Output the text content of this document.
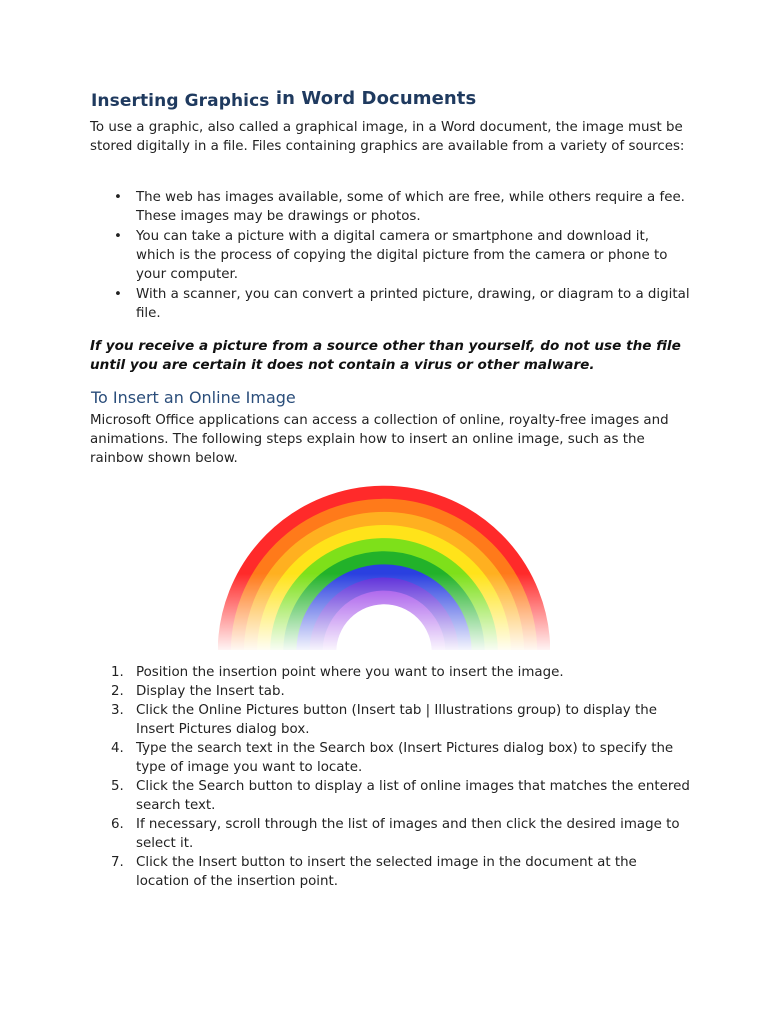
Inserting Graphics in Word Documents

To use a graphic, also called a graphical image, in a Word document, the image must be stored digitally in a file. Files containing graphics are available from a variety of sources:

• The web has images available, some of which are free, while others require a fee. These images may be drawings or photos.
• You can take a picture with a digital camera or smartphone and download it, which is the process of copying the digital picture from the camera or phone to your computer.
• With a scanner, you can convert a printed picture, drawing, or diagram to a digital file.

If you receive a picture from a source other than yourself, do not use the file until you are certain it does not contain a virus or other malware.

To Insert an Online Image

Microsoft Office applications can access a collection of online, royalty-free images and animations. The following steps explain how to insert an online image, such as the rainbow shown below.

1. Position the insertion point where you want to insert the image.
2. Display the Insert tab.
3. Click the Online Pictures button (Insert tab | Illustrations group) to display the Insert Pictures dialog box.
4. Type the search text in the Search box (Insert Pictures dialog box) to specify the type of image you want to locate.
5. Click the Search button to display a list of online images that matches the entered search text.
6. If necessary, scroll through the list of images and then click the desired image to select it.
7. Click the Insert button to insert the selected image in the document at the location of the insertion point.
